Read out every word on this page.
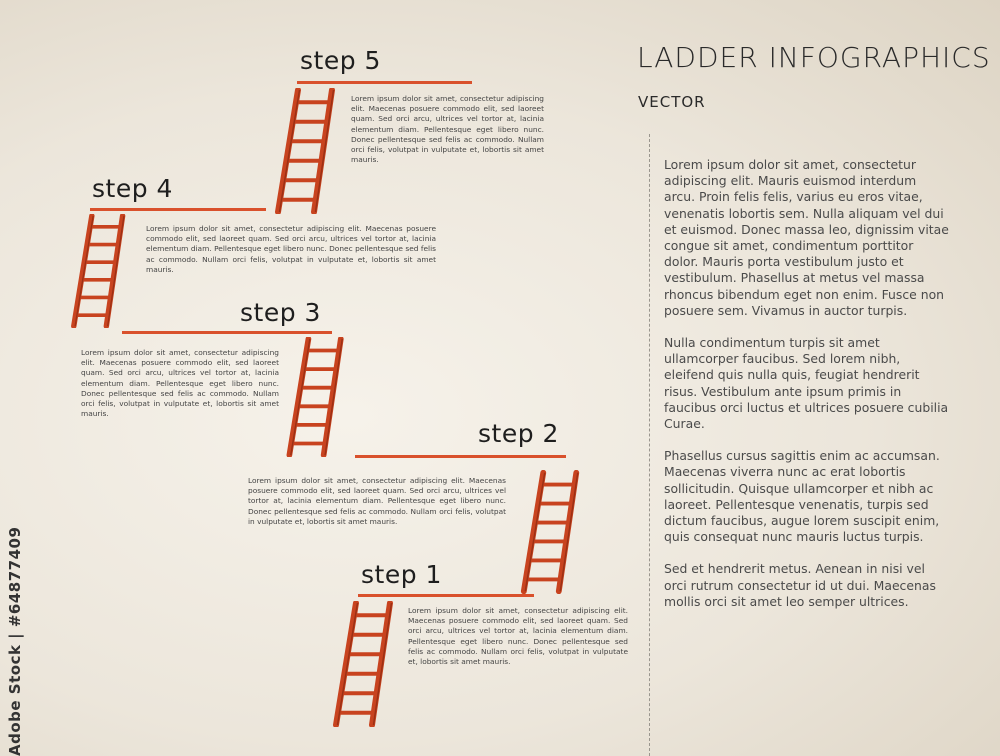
Adobe Stock | #64877409
step 5
Lorem ipsum dolor sit amet, consectetur adipiscing elit. Maecenas posuere commodo elit, sed laoreet quam. Sed orci arcu, ultrices vel tortor at, lacinia elementum diam. Pellentesque eget libero nunc. Donec pellentesque sed felis ac commodo. Nullam orci felis, volutpat in vulputate et, lobortis sit amet mauris.
step 4
Lorem ipsum dolor sit amet, consectetur adipiscing elit. Maecenas posuere commodo elit, sed laoreet quam. Sed orci arcu, ultrices vel tortor at, lacinia elementum diam. Pellentesque eget libero nunc. Donec pellentesque sed felis ac commodo. Nullam orci felis, volutpat in vulputate et, lobortis sit amet mauris.
step 3
Lorem ipsum dolor sit amet, consectetur adipiscing elit. Maecenas posuere commodo elit, sed laoreet quam. Sed orci arcu, ultrices vel tortor at, lacinia elementum diam. Pellentesque eget libero nunc. Donec pellentesque sed felis ac commodo. Nullam orci felis, volutpat in vulputate et, lobortis sit amet mauris.
step 2
Lorem ipsum dolor sit amet, consectetur adipiscing elit. Maecenas posuere commodo elit, sed laoreet quam. Sed orci arcu, ultrices vel tortor at, lacinia elementum diam. Pellentesque eget libero nunc. Donec pellentesque sed felis ac commodo. Nullam orci felis, volutpat in vulputate et, lobortis sit amet mauris.
step 1
Lorem ipsum dolor sit amet, consectetur adipiscing elit. Maecenas posuere commodo elit, sed laoreet quam. Sed orci arcu, ultrices vel tortor at, lacinia elementum diam. Pellentesque eget libero nunc. Donec pellentesque sed felis ac commodo. Nullam orci felis, volutpat in vulputate et, lobortis sit amet mauris.
LADDER INFOGRAPHICS
VECTOR

Lorem ipsum dolor sit amet, consectetur adipiscing elit. Mauris euismod interdum arcu. Proin felis felis, varius eu eros vitae, venenatis lobortis sem. Nulla aliquam vel dui et euismod. Donec massa leo, dignissim vitae congue sit amet, condimentum porttitor dolor. Mauris porta vestibulum justo et vestibulum. Phasellus at metus vel massa rhoncus bibendum eget non enim. Fusce non posuere sem. Vivamus in auctor turpis.

Nulla condimentum turpis sit amet ullamcorper faucibus. Sed lorem nibh, eleifend quis nulla quis, feugiat hendrerit risus. Vestibulum ante ipsum primis in faucibus orci luctus et ultrices posuere cubilia Curae.

Phasellus cursus sagittis enim ac accumsan. Maecenas viverra nunc ac erat lobortis sollicitudin. Quisque ullamcorper et nibh ac laoreet. Pellentesque venenatis, turpis sed dictum faucibus, augue lorem suscipit enim, quis consequat nunc mauris luctus turpis.

Sed et hendrerit metus. Aenean in nisi vel orci rutrum consectetur id ut dui. Maecenas mollis orci sit amet leo semper ultrices.
